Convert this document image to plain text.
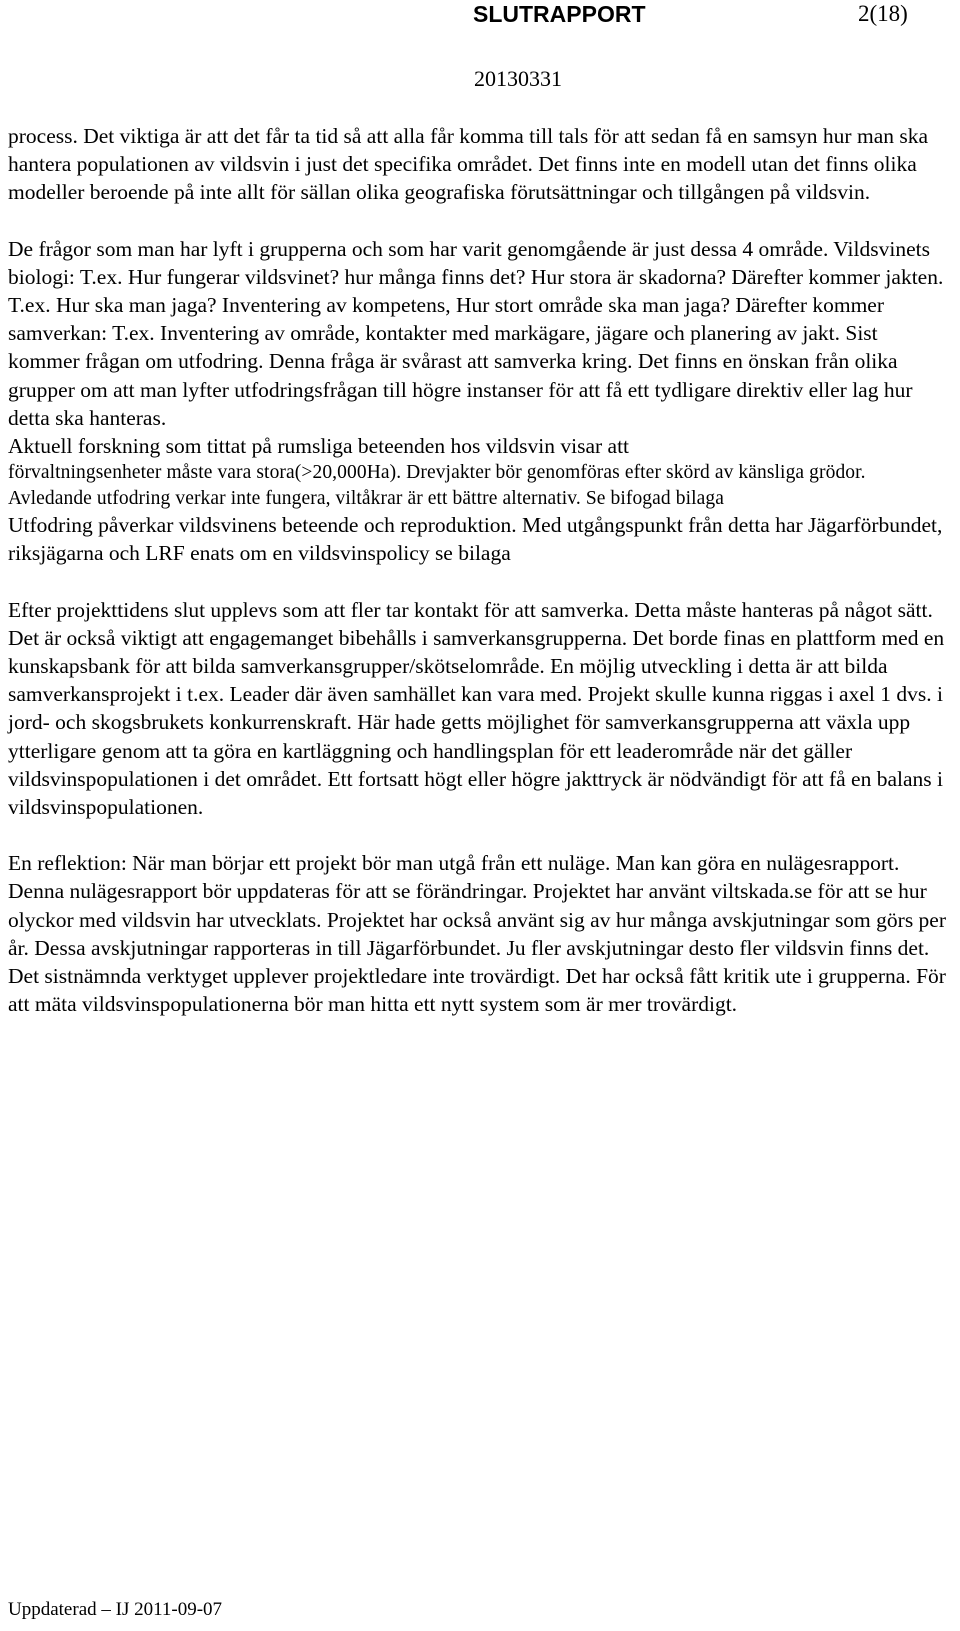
SLUTRAPPORT	2(18)
20130331

process. Det viktiga är att det får ta tid så att alla får komma till tals för att sedan få en samsyn hur man ska hantera populationen av vildsvin i just det specifika området. Det finns inte en modell utan det finns olika modeller beroende på inte allt för sällan olika geografiska förutsättningar och tillgången på vildsvin.

De frågor som man har lyft i grupperna och som har varit genomgående är just dessa 4 område. Vildsvinets biologi: T.ex. Hur fungerar vildsvinet? hur många finns det? Hur stora är skadorna? Därefter kommer jakten. T.ex. Hur ska man jaga? Inventering av kompetens, Hur stort område ska man jaga? Därefter kommer samverkan: T.ex. Inventering av område, kontakter med markägare, jägare och planering av jakt. Sist kommer frågan om utfodring. Denna fråga är svårast att samverka kring. Det finns en önskan från olika grupper om att man lyfter utfodringsfrågan till högre instanser för att få ett tydligare direktiv eller lag hur detta ska hanteras.

Aktuell forskning som tittat på rumsliga beteenden hos vildsvin visar att

förvaltningsenheter måste vara stora(>20,000Ha). Drevjakter bör genomföras efter skörd av känsliga grödor. Avledande utfodring verkar inte fungera, viltåkrar är ett bättre alternativ. Se bifogad bilaga

Utfodring påverkar vildsvinens beteende och reproduktion. Med utgångspunkt från detta har Jägarförbundet, riksjägarna och LRF enats om en vildsvinspolicy se bilaga

Efter projekttidens slut upplevs som att fler tar kontakt för att samverka. Detta måste hanteras på något sätt. Det är också viktigt att engagemanget bibehålls i samverkansgrupperna. Det borde finas en plattform med en kunskapsbank för att bilda samverkansgrupper/skötselområde. En möjlig utveckling i detta är att bilda samverkansprojekt i t.ex. Leader där även samhället kan vara med. Projekt skulle kunna riggas i axel 1 dvs. i jord- och skogsbrukets konkurrenskraft. Här hade getts möjlighet för samverkansgrupperna att växla upp ytterligare genom att ta göra en kartläggning och handlingsplan för ett leaderområde när det gäller vildsvinspopulationen i det området. Ett fortsatt högt eller högre jakttryck är nödvändigt för att få en balans i vildsvinspopulationen.

En reflektion: När man börjar ett projekt bör man utgå från ett nuläge. Man kan göra en nulägesrapport. Denna nulägesrapport bör uppdateras för att se förändringar. Projektet har använt viltskada.se för att se hur olyckor med vildsvin har utvecklats. Projektet har också använt sig av hur många avskjutningar som görs per år. Dessa avskjutningar rapporteras in till Jägarförbundet. Ju fler avskjutningar desto fler vildsvin finns det. Det sistnämnda verktyget upplever projektledare inte trovärdigt. Det har också fått kritik ute i grupperna. För att mäta vildsvinspopulationerna bör man hitta ett nytt system som är mer trovärdigt.

Uppdaterad – IJ 2011-09-07
